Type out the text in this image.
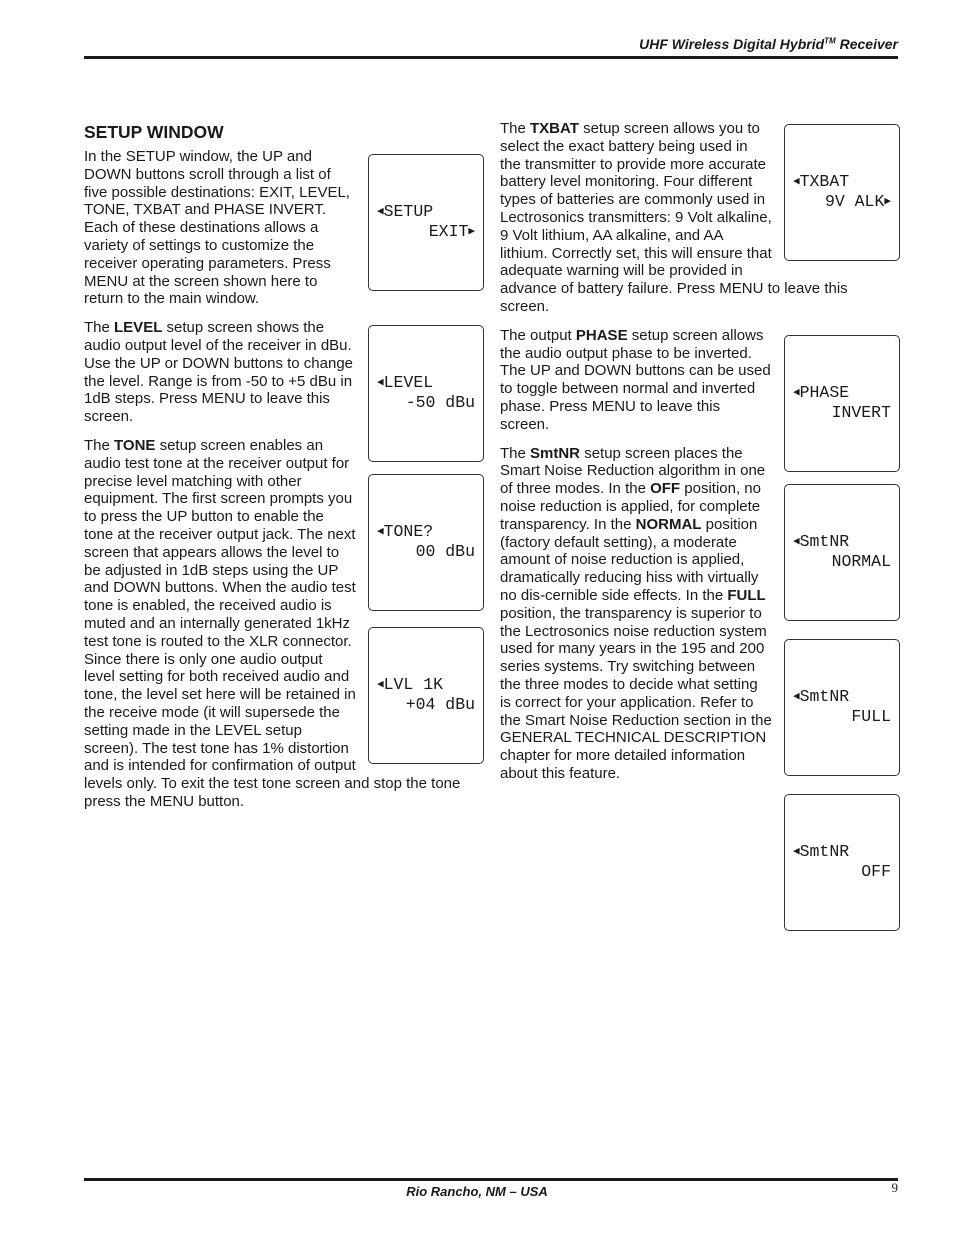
UHF Wireless Digital Hybrid™ Receiver
SETUP WINDOW

◀SETUP
EXIT▶

In the SETUP window, the UP and DOWN buttons scroll through a list of five possible destinations: EXIT, LEVEL, TONE, TXBAT and PHASE INVERT. Each of these destinations allows a variety of settings to customize the receiver operating parameters. Press MENU at the screen shown here to return to the main window.

◀LEVEL
-50 dBu

The LEVEL setup screen shows the audio output level of the receiver in dBu. Use the UP or DOWN buttons to change the level. Range is from -50 to +5 dBu in 1dB steps. Press MENU to leave this screen.

◀TONE?
00 dBu

◀LVL 1K
+04 dBu

The TONE setup screen enables an audio test tone at the receiver output for precise level matching with other equipment. The first screen prompts you to press the UP button to enable the tone at the receiver output jack. The next screen that appears allows the level to be adjusted in 1dB steps using the UP and DOWN buttons. When the audio test tone is enabled, the received audio is muted and an internally generated 1kHz test tone is routed to the XLR connector. Since there is only one audio output level setting for both received audio and tone, the level set here will be retained in the receive mode (it will supersede the setting made in the LEVEL setup screen). The test tone has 1% distortion and is intended for confirmation of output levels only. To exit the test tone screen and stop the tone press the MENU button.

◀TXBAT
9V ALK▶

The TXBAT setup screen allows you to select the exact battery being used in the transmitter to provide more accurate battery level monitoring. Four different types of batteries are commonly used in Lectrosonics transmitters: 9 Volt alkaline, 9 Volt lithium, AA alkaline, and AA lithium. Correctly set, this will ensure that adequate warning will be provided in advance of battery failure. Press MENU to leave this screen.

◀PHASE
INVERT

The output PHASE setup screen allows the audio output phase to be inverted. The UP and DOWN buttons can be used to toggle between normal and inverted phase. Press MENU to leave this screen.

◀SmtNR
NORMAL

◀SmtNR
FULL

◀SmtNR
OFF

The SmtNR setup screen places the Smart Noise Reduction algorithm in one of three modes. In the OFF position, no noise reduction is applied, for complete transparency. In the NORMAL position (factory default setting), a moderate amount of noise reduction is applied, dramatically reducing hiss with virtually no dis-cernible side effects. In the FULL position, the transparency is superior to the Lectrosonics noise reduction system used for many years in the 195 and 200 series systems. Try switching between the three modes to decide what setting is correct for your application. Refer to the Smart Noise Reduction section in the GENERAL TECHNICAL DESCRIPTION chapter for more detailed information about this feature.

Rio Rancho, NM – USA	9
